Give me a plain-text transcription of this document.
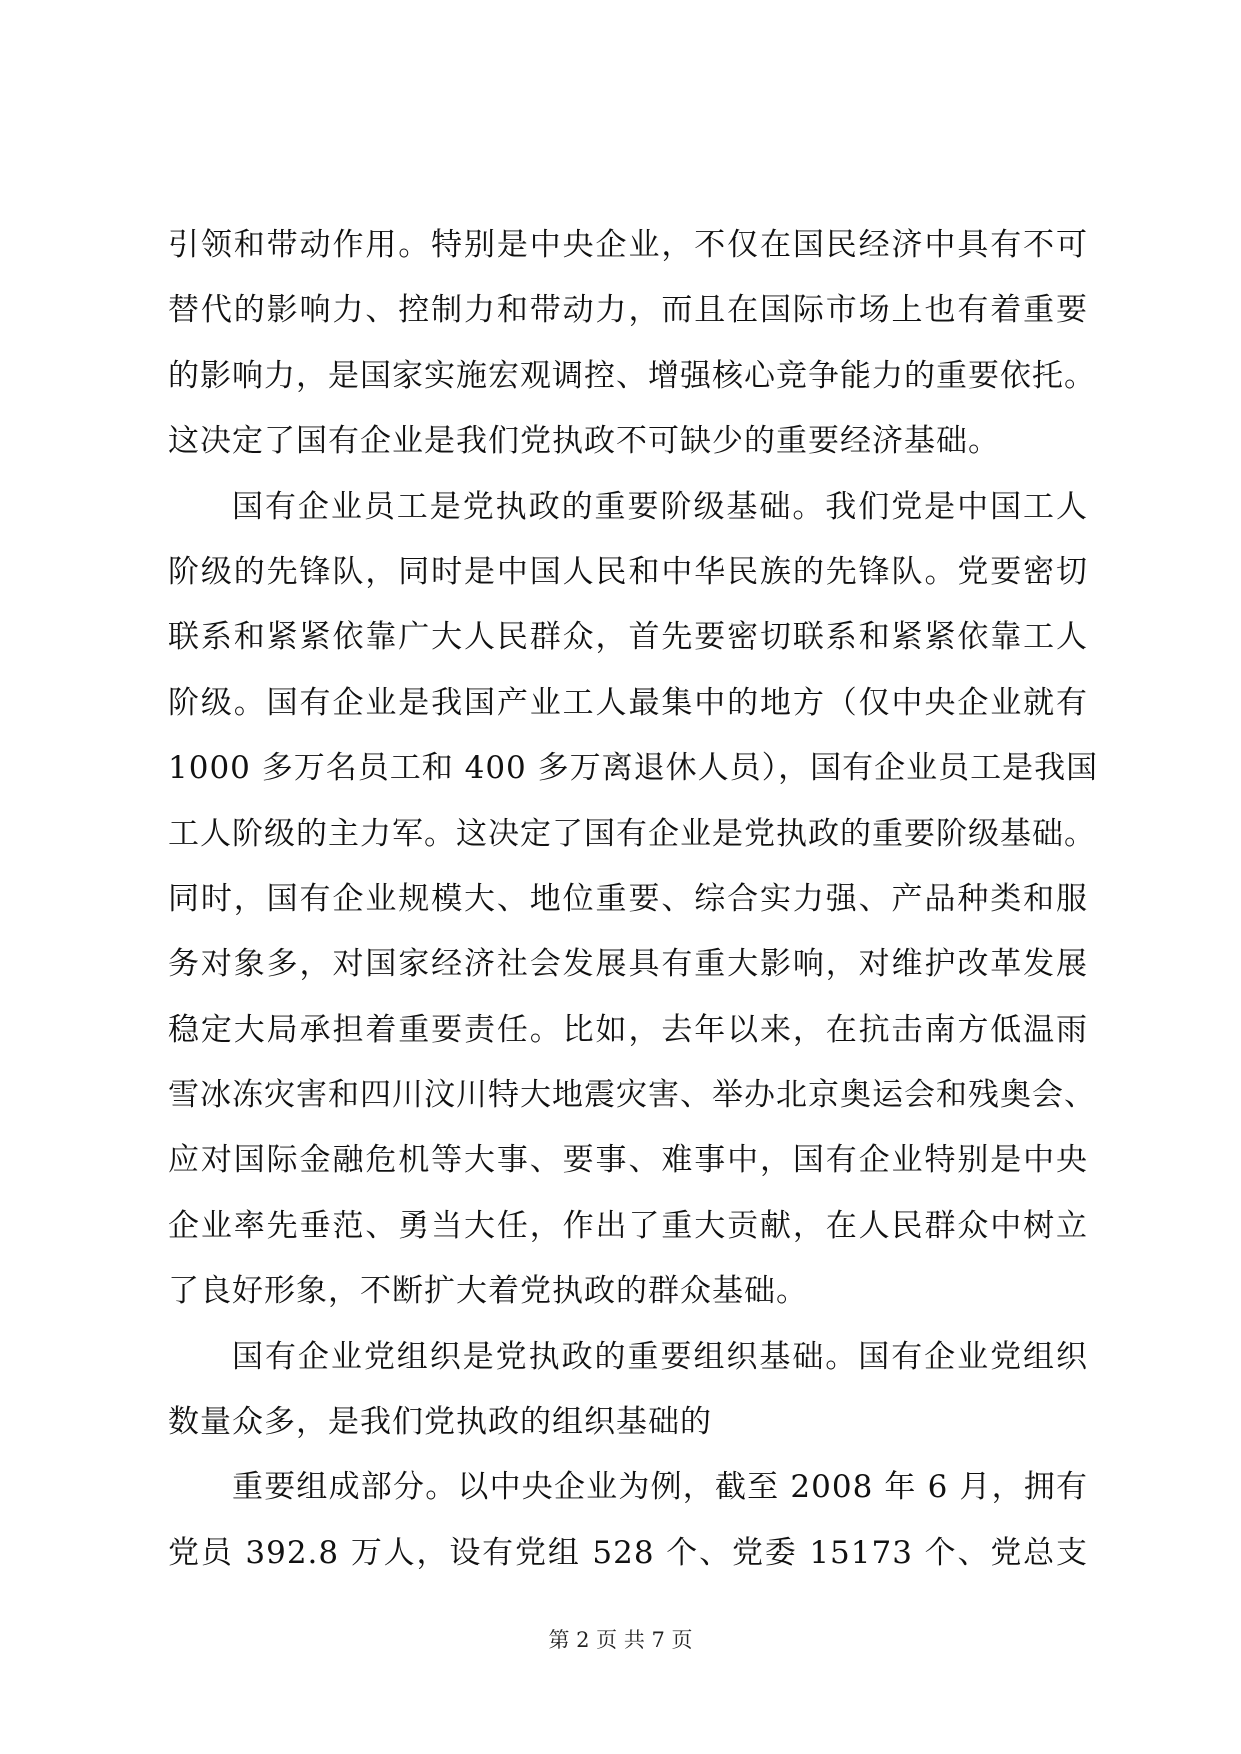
引领和带动作用。特别是中央企业，不仅在国民经济中具有不可
替代的影响力、控制力和带动力，而且在国际市场上也有着重要
的影响力，是国家实施宏观调控、增强核心竞争能力的重要依托。
这决定了国有企业是我们党执政不可缺少的重要经济基础。
国有企业员工是党执政的重要阶级基础。我们党是中国工人
阶级的先锋队，同时是中国人民和中华民族的先锋队。党要密切
联系和紧紧依靠广大人民群众，首先要密切联系和紧紧依靠工人
阶级。国有企业是我国产业工人最集中的地方（仅中央企业就有
1000 多万名员工和 400 多万离退休人员），国有企业员工是我国
工人阶级的主力军。这决定了国有企业是党执政的重要阶级基础。
同时，国有企业规模大、地位重要、综合实力强、产品种类和服
务对象多，对国家经济社会发展具有重大影响，对维护改革发展
稳定大局承担着重要责任。比如，去年以来，在抗击南方低温雨
雪冰冻灾害和四川汶川特大地震灾害、举办北京奥运会和残奥会、
应对国际金融危机等大事、要事、难事中，国有企业特别是中央
企业率先垂范、勇当大任，作出了重大贡献，在人民群众中树立
了良好形象，不断扩大着党执政的群众基础。
国有企业党组织是党执政的重要组织基础。国有企业党组织
数量众多，是我们党执政的组织基础的
重要组成部分。以中央企业为例，截至 2008 年 6 月，拥有
党员 392.8 万人，设有党组 528 个、党委 15173 个、党总支
第 2 页 共 7 页
